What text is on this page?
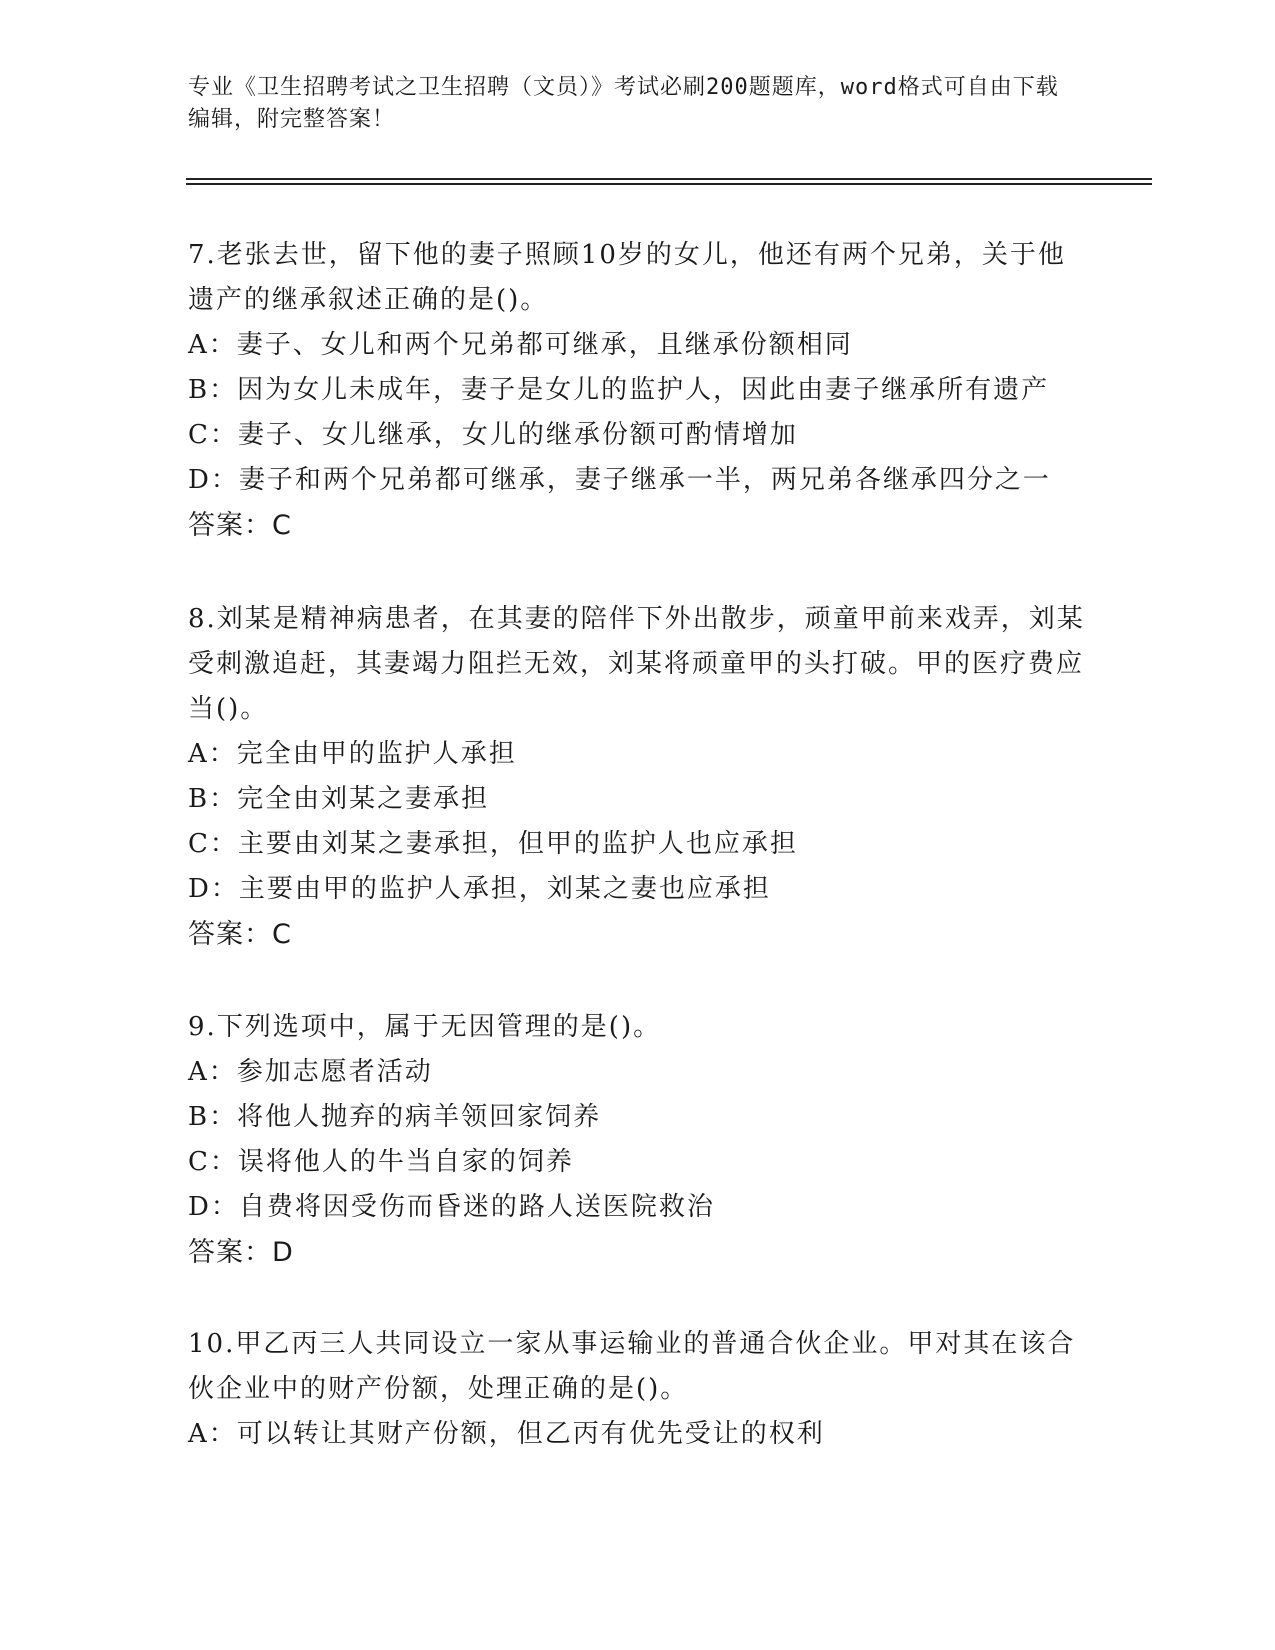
专业《卫生招聘考试之卫生招聘（文员）》考试必刷200题题库，word格式可自由下载编辑，附完整答案！
7.老张去世，留下他的妻子照顾10岁的女儿，他还有两个兄弟，关于他遗产的继承叙述正确的是()。
A：妻子、女儿和两个兄弟都可继承，且继承份额相同
B：因为女儿未成年，妻子是女儿的监护人，因此由妻子继承所有遗产
C：妻子、女儿继承，女儿的继承份额可酌情增加
D：妻子和两个兄弟都可继承，妻子继承一半，两兄弟各继承四分之一
答案：C
8.刘某是精神病患者，在其妻的陪伴下外出散步，顽童甲前来戏弄，刘某受刺激追赶，其妻竭力阻拦无效，刘某将顽童甲的头打破。甲的医疗费应当()。
A：完全由甲的监护人承担
B：完全由刘某之妻承担
C：主要由刘某之妻承担，但甲的监护人也应承担
D：主要由甲的监护人承担，刘某之妻也应承担
答案：C
9.下列选项中，属于无因管理的是()。
A：参加志愿者活动
B：将他人抛弃的病羊领回家饲养
C：误将他人的牛当自家的饲养
D：自费将因受伤而昏迷的路人送医院救治
答案：D
10.甲乙丙三人共同设立一家从事运输业的普通合伙企业。甲对其在该合伙企业中的财产份额，处理正确的是()。
A：可以转让其财产份额，但乙丙有优先受让的权利
